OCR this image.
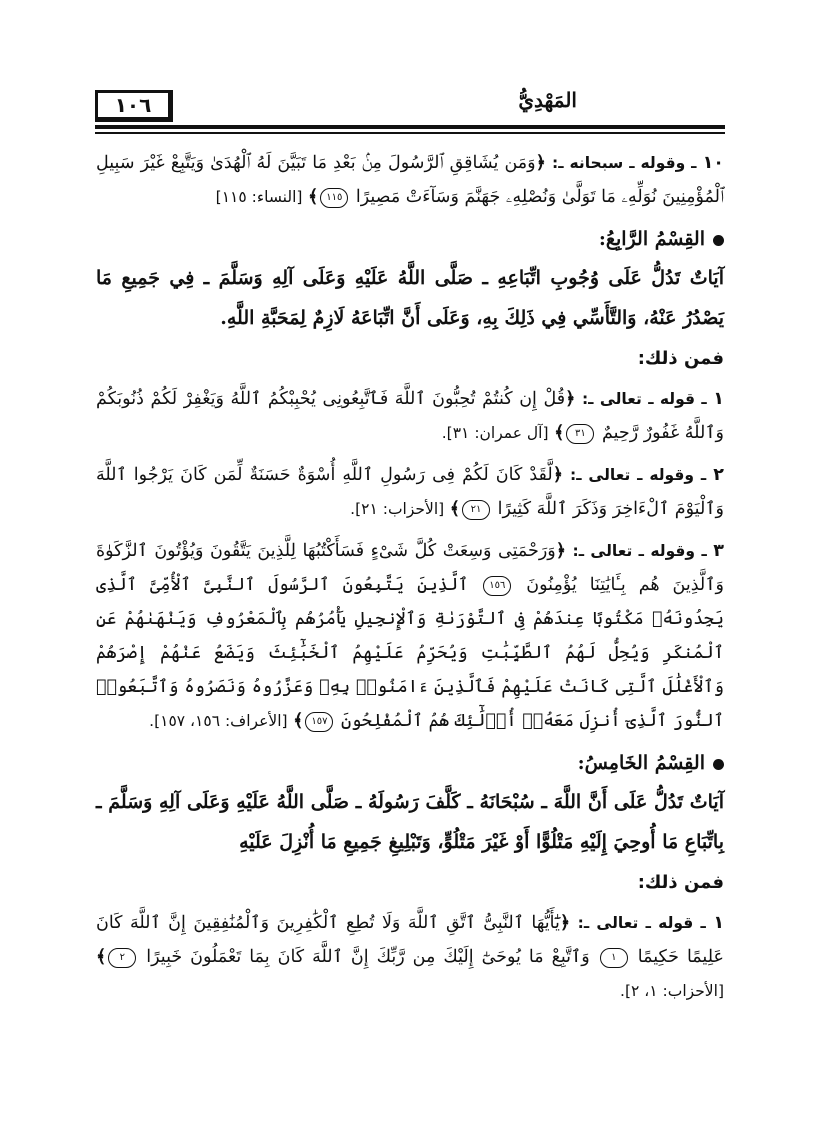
١٠٦	المَهْدِيُّ

١٠ ـ وقوله ـ سبحانه ـ: ﴿وَمَن يُشَاقِقِ ٱلرَّسُولَ مِنۢ بَعْدِ مَا تَبَيَّنَ لَهُ ٱلْهُدَىٰ وَيَتَّبِعْ غَيْرَ سَبِيلِ ٱلْمُؤْمِنِينَ نُوَلِّهِۦ مَا تَوَلَّىٰ وَنُصْلِهِۦ جَهَنَّمَ وَسَآءَتْ مَصِيرًا ١١٥﴾ [النساء: ١١٥]

القِسْمُ الرَّابِعُ:

آيَاتٌ تَدُلُّ عَلَى وُجُوبِ اتِّبَاعِهِ ـ صَلَّى اللَّهُ عَلَيْهِ وَعَلَى آلِهِ وَسَلَّمَ ـ فِي جَمِيعِ مَا يَصْدُرُ عَنْهُ، وَالتَّأَسِّي فِي ذَلِكَ بِهِ، وَعَلَى أَنَّ اتِّبَاعَهُ لَازِمٌ لِمَحَبَّةِ اللَّهِ.

فمن ذلك:

١ ـ قوله ـ تعالى ـ: ﴿قُلْ إِن كُنتُمْ تُحِبُّونَ ٱللَّهَ فَٱتَّبِعُونِى يُحْبِبْكُمُ ٱللَّهُ وَيَغْفِرْ لَكُمْ ذُنُوبَكُمْ وَٱللَّهُ غَفُورٌ رَّحِيمٌ ٣١﴾ [آل عمران: ٣١].

٢ ـ وقوله ـ تعالى ـ: ﴿لَّقَدْ كَانَ لَكُمْ فِى رَسُولِ ٱللَّهِ أُسْوَةٌ حَسَنَةٌ لِّمَن كَانَ يَرْجُوا ٱللَّهَ وَٱلْيَوْمَ ٱلْءَاخِرَ وَذَكَرَ ٱللَّهَ كَثِيرًا ٢١﴾ [الأحزاب: ٢١].

٣ ـ وقوله ـ تعالى ـ: ﴿وَرَحْمَتِى وَسِعَتْ كُلَّ شَىْءٍ فَسَأَكْتُبُهَا لِلَّذِينَ يَتَّقُونَ وَيُؤْتُونَ ٱلزَّكَوٰةَ وَٱلَّذِينَ هُم بِـَٔايَٰتِنَا يُؤْمِنُونَ ١٥٦ ٱلَّذِينَ يَتَّبِعُونَ ٱلرَّسُولَ ٱلنَّبِىَّ ٱلْأُمِّىَّ ٱلَّذِى يَجِدُونَهُۥ مَكْتُوبًا عِندَهُمْ فِى ٱلتَّوْرَىٰةِ وَٱلْإِنجِيلِ يَأْمُرُهُم بِٱلْمَعْرُوفِ وَيَنْهَىٰهُمْ عَنِ ٱلْمُنكَرِ وَيُحِلُّ لَهُمُ ٱلطَّيِّبَٰتِ وَيُحَرِّمُ عَلَيْهِمُ ٱلْخَبَٰٓئِثَ وَيَضَعُ عَنْهُمْ إِصْرَهُمْ وَٱلْأَغْلَٰلَ ٱلَّتِى كَانَتْ عَلَيْهِمْ فَٱلَّذِينَ ءَامَنُوا۟ بِهِۦ وَعَزَّرُوهُ وَنَصَرُوهُ وَٱتَّبَعُوا۟ ٱلنُّورَ ٱلَّذِىٓ أُنزِلَ مَعَهُۥٓ أُو۟لَٰٓئِكَ هُمُ ٱلْمُفْلِحُونَ ١٥٧﴾ [الأعراف: ١٥٦، ١٥٧].

القِسْمُ الخَامِسُ:

آيَاتٌ تَدُلُّ عَلَى أَنَّ اللَّهَ ـ سُبْحَانَهُ ـ كَلَّفَ رَسُولَهُ ـ صَلَّى اللَّهُ عَلَيْهِ وَعَلَى آلِهِ وَسَلَّمَ ـ بِاتِّبَاعِ مَا أُوحِيَ إِلَيْهِ مَتْلُوًّا أَوْ غَيْرَ مَتْلُوٍّ، وَتَبْلِيغِ جَمِيعِ مَا أُنْزِلَ عَلَيْهِ

فمن ذلك:

١ ـ قوله ـ تعالى ـ: ﴿يَٰٓأَيُّهَا ٱلنَّبِىُّ ٱتَّقِ ٱللَّهَ وَلَا تُطِعِ ٱلْكَٰفِرِينَ وَٱلْمُنَٰفِقِينَ إِنَّ ٱللَّهَ كَانَ عَلِيمًا حَكِيمًا ١ وَٱتَّبِعْ مَا يُوحَىٰٓ إِلَيْكَ مِن رَّبِّكَ إِنَّ ٱللَّهَ كَانَ بِمَا تَعْمَلُونَ خَبِيرًا ٢﴾ [الأحزاب: ١، ٢].
